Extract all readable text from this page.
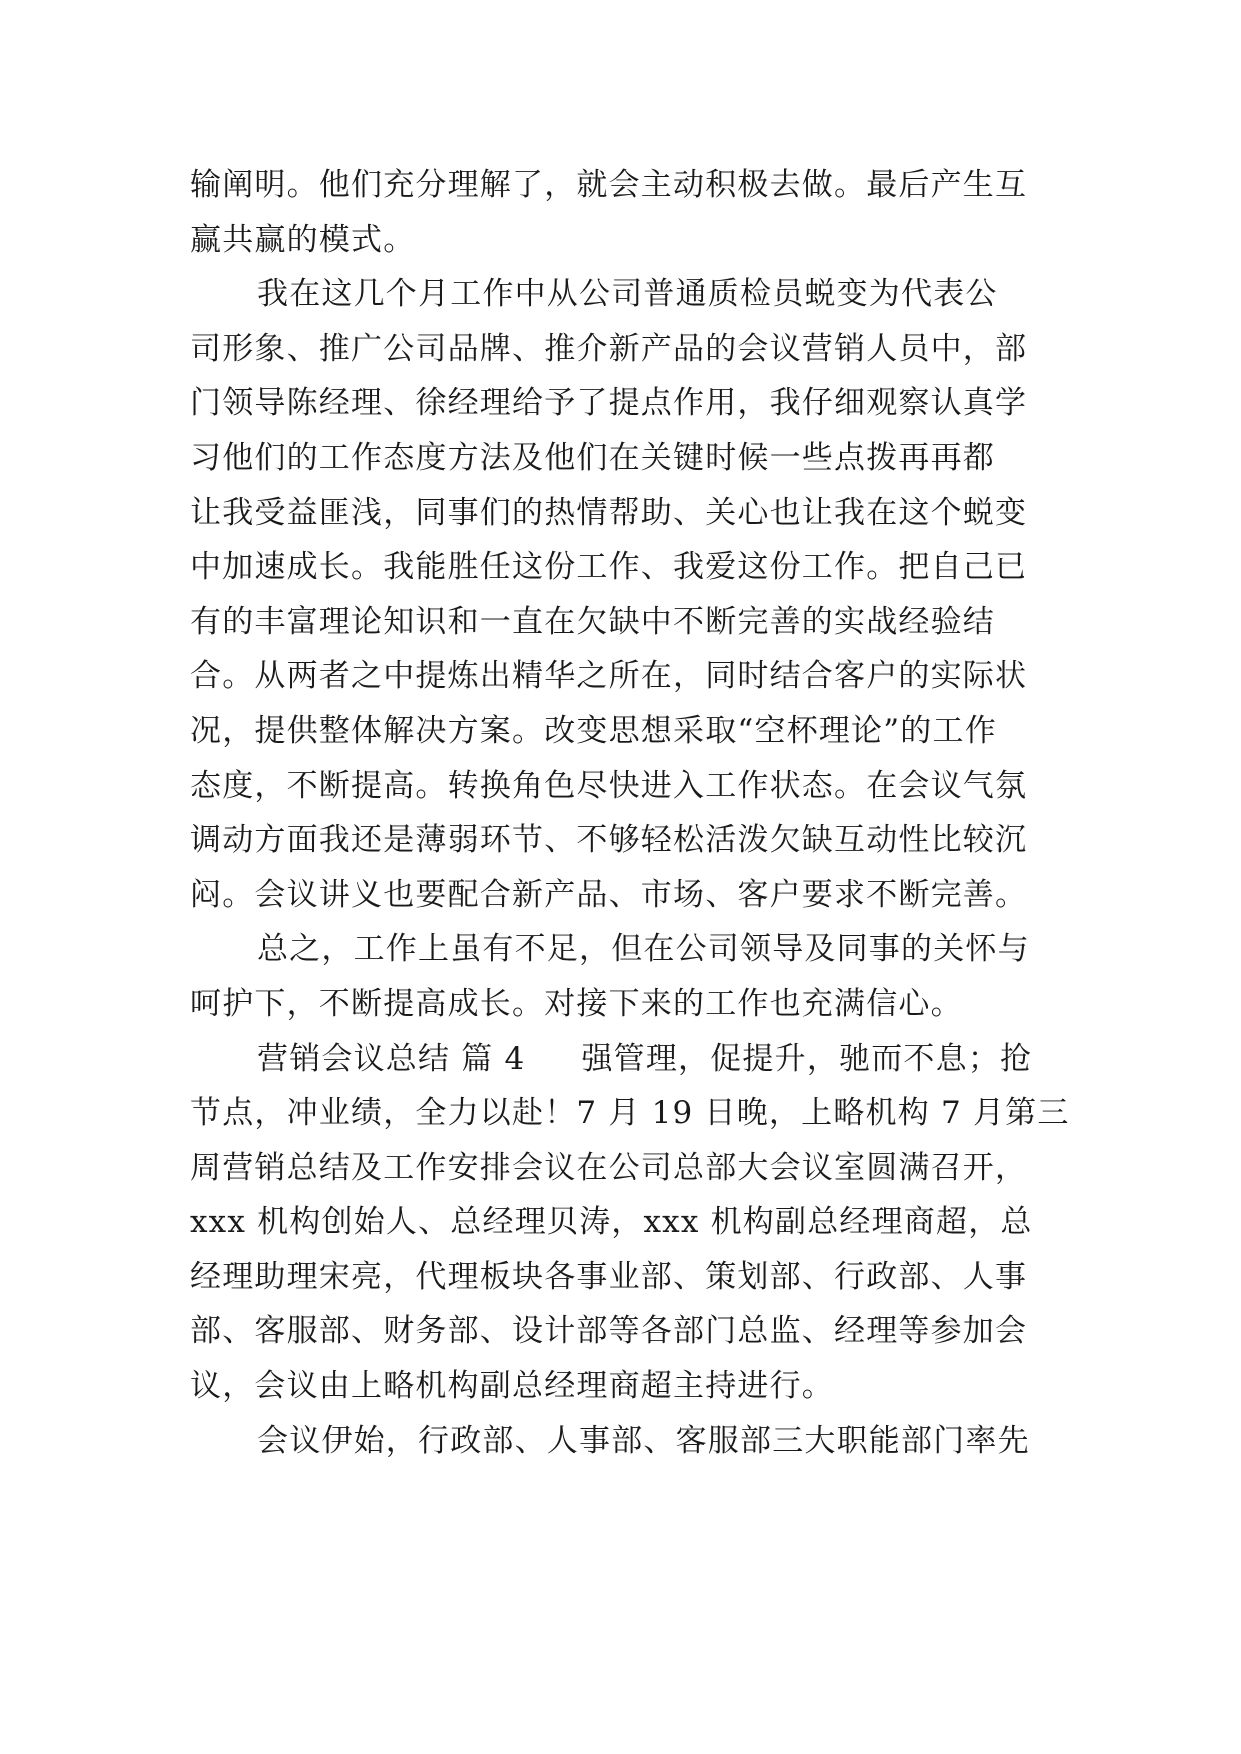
输阐明。他们充分理解了，就会主动积极去做。最后产生互
赢共赢的模式。
我在这几个月工作中从公司普通质检员蜕变为代表公
司形象、推广公司品牌、推介新产品的会议营销人员中，部
门领导陈经理、徐经理给予了提点作用，我仔细观察认真学
习他们的工作态度方法及他们在关键时候一些点拨再再都
让我受益匪浅，同事们的热情帮助、关心也让我在这个蜕变
中加速成长。我能胜任这份工作、我爱这份工作。把自己已
有的丰富理论知识和一直在欠缺中不断完善的实战经验结
合。从两者之中提炼出精华之所在，同时结合客户的实际状
况，提供整体解决方案。改变思想采取“空杯理论”的工作
态度，不断提高。转换角色尽快进入工作状态。在会议气氛
调动方面我还是薄弱环节、不够轻松活泼欠缺互动性比较沉
闷。会议讲义也要配合新产品、市场、客户要求不断完善。
总之，工作上虽有不足，但在公司领导及同事的关怀与
呵护下，不断提高成长。对接下来的工作也充满信心。
营销会议总结 篇 4 强管理，促提升，驰而不息；抢
节点，冲业绩，全力以赴！7 月 19 日晚，上略机构 7 月第三
周营销总结及工作安排会议在公司总部大会议室圆满召开，
xxx 机构创始人、总经理贝涛，xxx 机构副总经理商超，总
经理助理宋亮，代理板块各事业部、策划部、行政部、人事
部、客服部、财务部、设计部等各部门总监、经理等参加会
议，会议由上略机构副总经理商超主持进行。
会议伊始，行政部、人事部、客服部三大职能部门率先
